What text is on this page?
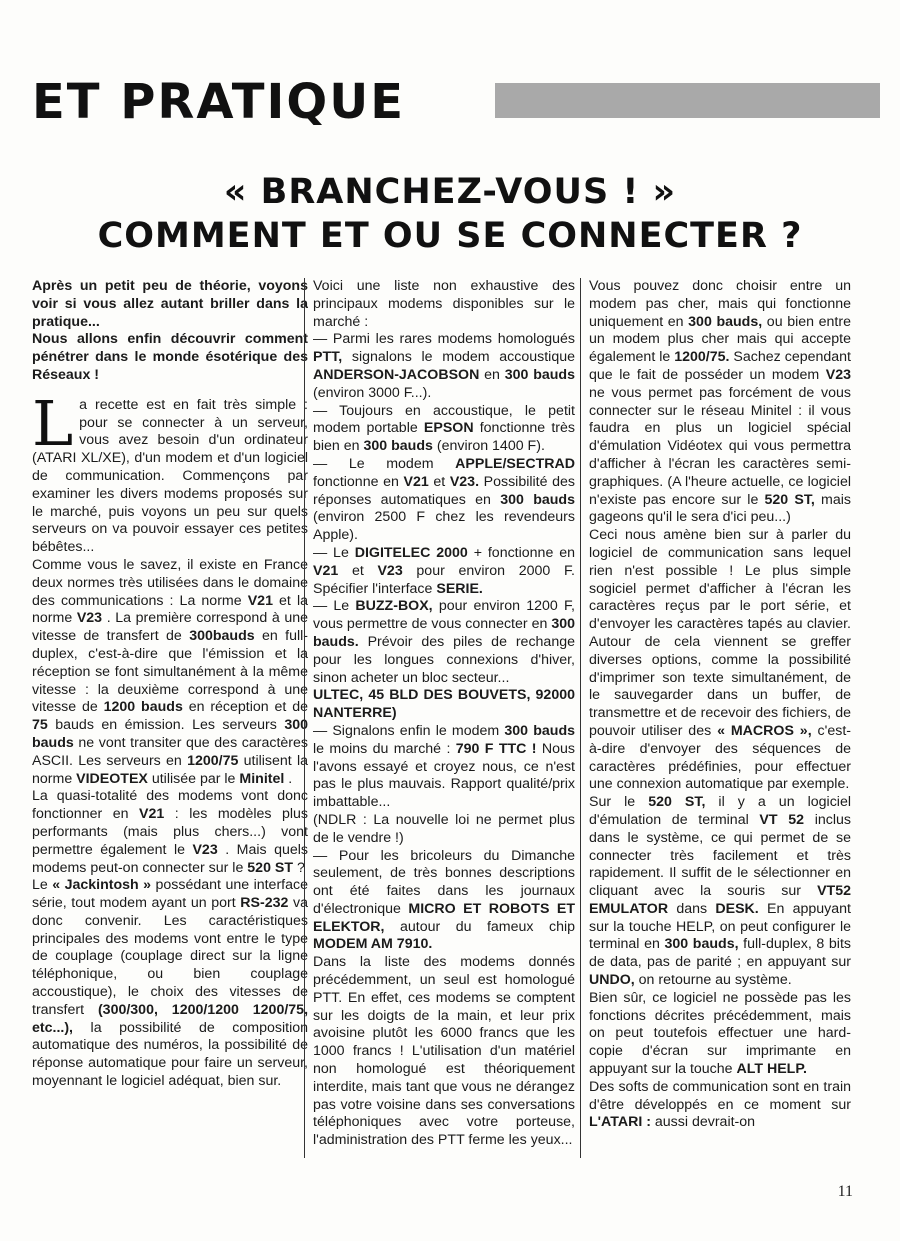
ET PRATIQUE
« BRANCHEZ-VOUS ! »
COMMENT ET OU SE CONNECTER ?

Après un petit peu de théorie, voyons voir si vous allez autant briller dans la pratique...

Nous allons enfin découvrir comment pénétrer dans le monde ésotérique des Réseaux !

La recette est en fait très simple : pour se connecter à un serveur, vous avez besoin d'un ordinateur (ATARI XL/XE), d'un modem et d'un logiciel de communication. Commençons par examiner les divers modems proposés sur le marché, puis voyons un peu sur quels serveurs on va pouvoir essayer ces petites bébêtes...

Comme vous le savez, il existe en France deux normes très utilisées dans le domaine des communications : La norme V21 et la norme V23 . La première correspond à une vitesse de transfert de 300bauds en full-duplex, c'est-à-dire que l'émission et la réception se font simultanément à la même vitesse : la deuxième correspond à une vitesse de 1200 bauds en réception et de 75 bauds en émission. Les serveurs 300 bauds ne vont transiter que des caractères ASCII. Les serveurs en 1200/75 utilisent la norme VIDEOTEX utilisée par le Minitel .

La quasi-totalité des modems vont donc fonctionner en V21 : les modèles plus performants (mais plus chers...) vont permettre également le V23 . Mais quels modems peut-on connecter sur le 520 ST ?

Le « Jackintosh » possédant une interface série, tout modem ayant un port RS-232 va donc convenir. Les caractéristiques principales des modems vont entre le type de couplage (couplage direct sur la ligne téléphonique, ou bien couplage accoustique), le choix des vitesses de transfert (300/300, 1200/1200 1200/75, etc...), la possibilité de composition automatique des numéros, la possibilité de réponse automatique pour faire un serveur, moyennant le logiciel adéquat, bien sur.

Voici une liste non exhaustive des principaux modems disponibles sur le marché :

— Parmi les rares modems homologués PTT, signalons le modem accoustique ANDERSON-JACOBSON en 300 bauds (environ 3000 F...).

— Toujours en accoustique, le petit modem portable EPSON fonctionne très bien en 300 bauds (environ 1400 F).

— Le modem APPLE/SECTRAD fonctionne en V21 et V23. Possibilité des réponses automatiques en 300 bauds (environ 2500 F chez les revendeurs Apple).

— Le DIGITELEC 2000 + fonctionne en V21 et V23 pour environ 2000 F. Spécifier l'interface SERIE.

— Le BUZZ-BOX, pour environ 1200 F, vous permettre de vous connecter en 300 bauds. Prévoir des piles de rechange pour les longues connexions d'hiver, sinon acheter un bloc secteur...

ULTEC, 45 BLD DES BOUVETS, 92000 NANTERRE)

— Signalons enfin le modem 300 bauds le moins du marché : 790 F TTC ! Nous l'avons essayé et croyez nous, ce n'est pas le plus mauvais. Rapport qualité/prix imbattable...

(NDLR : La nouvelle loi ne permet plus de le vendre !)

— Pour les bricoleurs du Dimanche seulement, de très bonnes descriptions ont été faites dans les journaux d'électronique MICRO ET ROBOTS ET ELEKTOR, autour du fameux chip MODEM AM 7910.

Dans la liste des modems donnés précédemment, un seul est homologué PTT. En effet, ces modems se comptent sur les doigts de la main, et leur prix avoisine plutôt les 6000 francs que les 1000 francs ! L'utilisation d'un matériel non homologué est théoriquement interdite, mais tant que vous ne dérangez pas votre voisine dans ses conversations téléphoniques avec votre porteuse, l'administration des PTT ferme les yeux...

Vous pouvez donc choisir entre un modem pas cher, mais qui fonctionne uniquement en 300 bauds, ou bien entre un modem plus cher mais qui accepte également le 1200/75. Sachez cependant que le fait de posséder un modem V23 ne vous permet pas forcément de vous connecter sur le réseau Minitel : il vous faudra en plus un logiciel spécial d'émulation Vidéotex qui vous permettra d'afficher à l'écran les caractères semi-graphiques. (A l'heure actuelle, ce logiciel n'existe pas encore sur le 520 ST, mais gageons qu'il le sera d'ici peu...)

Ceci nous amène bien sur à parler du logiciel de communication sans lequel rien n'est possible ! Le plus simple sogiciel permet d'afficher à l'écran les caractères reçus par le port série, et d'envoyer les caractères tapés au clavier. Autour de cela viennent se greffer diverses options, comme la possibilité d'imprimer son texte simultanément, de le sauvegarder dans un buffer, de transmettre et de recevoir des fichiers, de pouvoir utiliser des « MACROS », c'est-à-dire d'envoyer des séquences de caractères prédéfinies, pour effectuer une connexion automatique par exemple.

Sur le 520 ST, il y a un logiciel d'émulation de terminal VT 52 inclus dans le système, ce qui permet de se connecter très facilement et très rapidement. Il suffit de le sélectionner en cliquant avec la souris sur VT52 EMULATOR dans DESK. En appuyant sur la touche HELP, on peut configurer le terminal en 300 bauds, full-duplex, 8 bits de data, pas de parité ; en appuyant sur UNDO, on retourne au système.

Bien sûr, ce logiciel ne possède pas les fonctions décrites précédemment, mais on peut toutefois effectuer une hard-copie d'écran sur imprimante en appuyant sur la touche ALT HELP.

Des softs de communication sont en train d'être développés en ce moment sur L'ATARI : aussi devrait-on

11
